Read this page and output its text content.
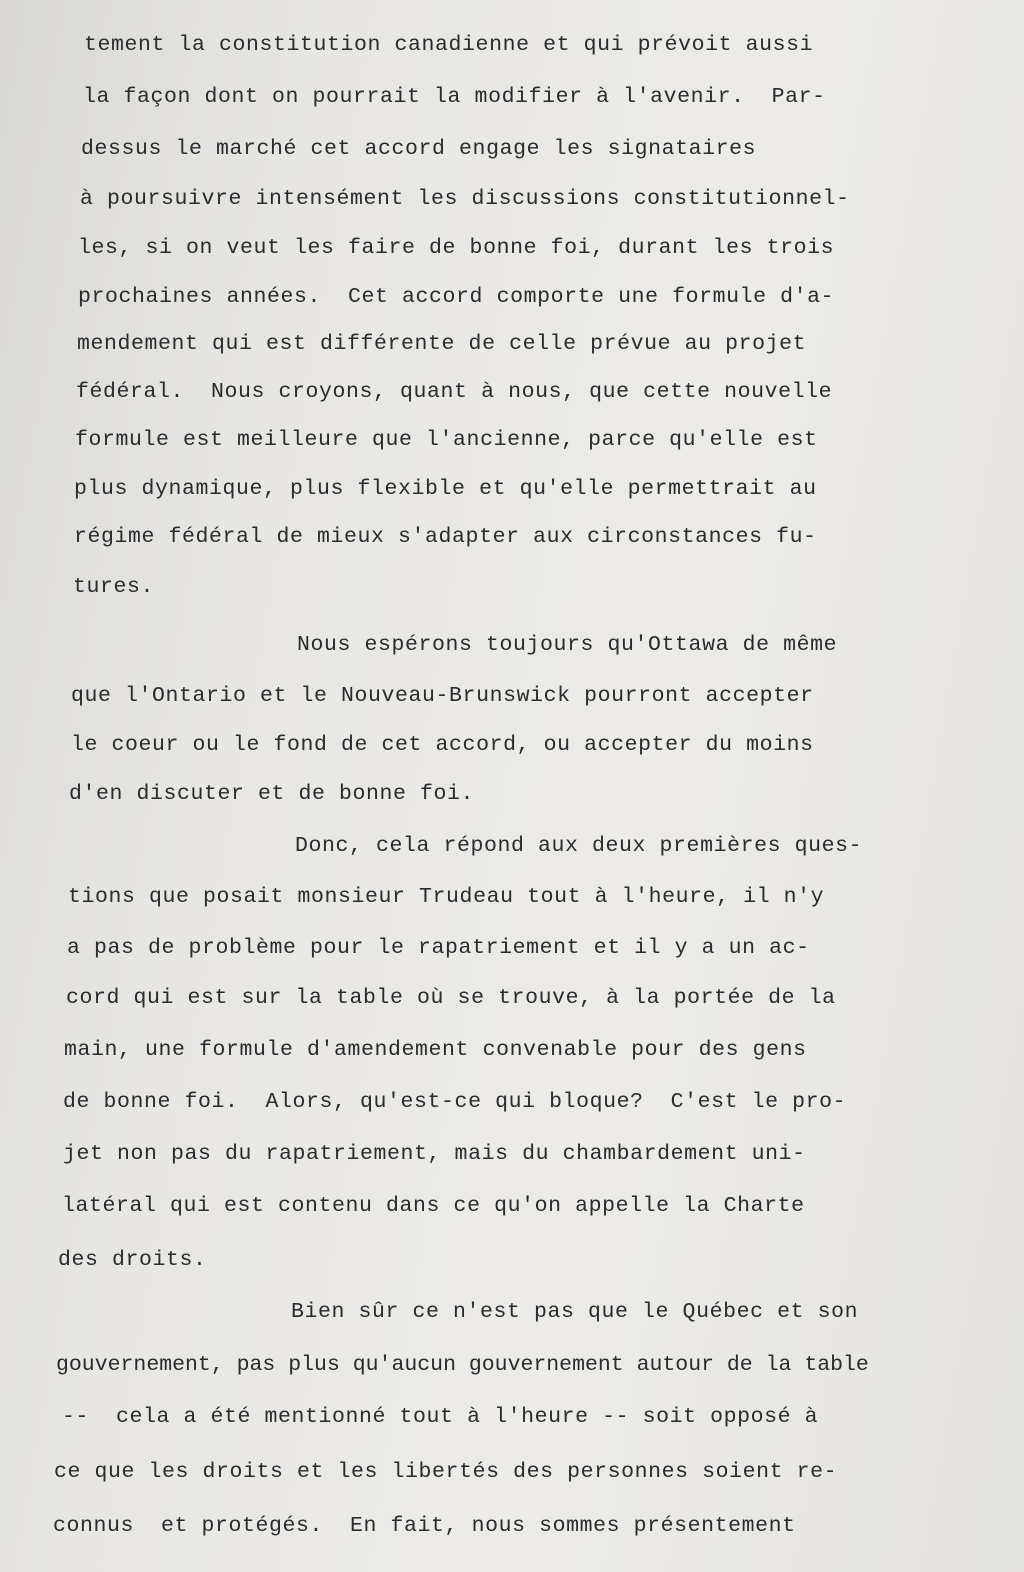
tement la constitution canadienne et qui prévoit aussi
la façon dont on pourrait la modifier à l'avenir.  Par-
dessus le marché cet accord engage les signataires
à poursuivre intensément les discussions constitutionnel-
les, si on veut les faire de bonne foi, durant les trois
prochaines années.  Cet accord comporte une formule d'a-
mendement qui est différente de celle prévue au projet
fédéral.  Nous croyons, quant à nous, que cette nouvelle
formule est meilleure que l'ancienne, parce qu'elle est
plus dynamique, plus flexible et qu'elle permettrait au
régime fédéral de mieux s'adapter aux circonstances fu-
tures.
Nous espérons toujours qu'Ottawa de même
que l'Ontario et le Nouveau-Brunswick pourront accepter
le coeur ou le fond de cet accord, ou accepter du moins
d'en discuter et de bonne foi.
Donc, cela répond aux deux premières ques-
tions que posait monsieur Trudeau tout à l'heure, il n'y
a pas de problème pour le rapatriement et il y a un ac-
cord qui est sur la table où se trouve, à la portée de la
main, une formule d'amendement convenable pour des gens
de bonne foi.  Alors, qu'est-ce qui bloque?  C'est le pro-
jet non pas du rapatriement, mais du chambardement uni-
latéral qui est contenu dans ce qu'on appelle la Charte
des droits.
Bien sûr ce n'est pas que le Québec et son
gouvernement, pas plus qu'aucun gouvernement autour de la table
--  cela a été mentionné tout à l'heure -- soit opposé à
ce que les droits et les libertés des personnes soient re-
connus  et protégés.  En fait, nous sommes présentement
